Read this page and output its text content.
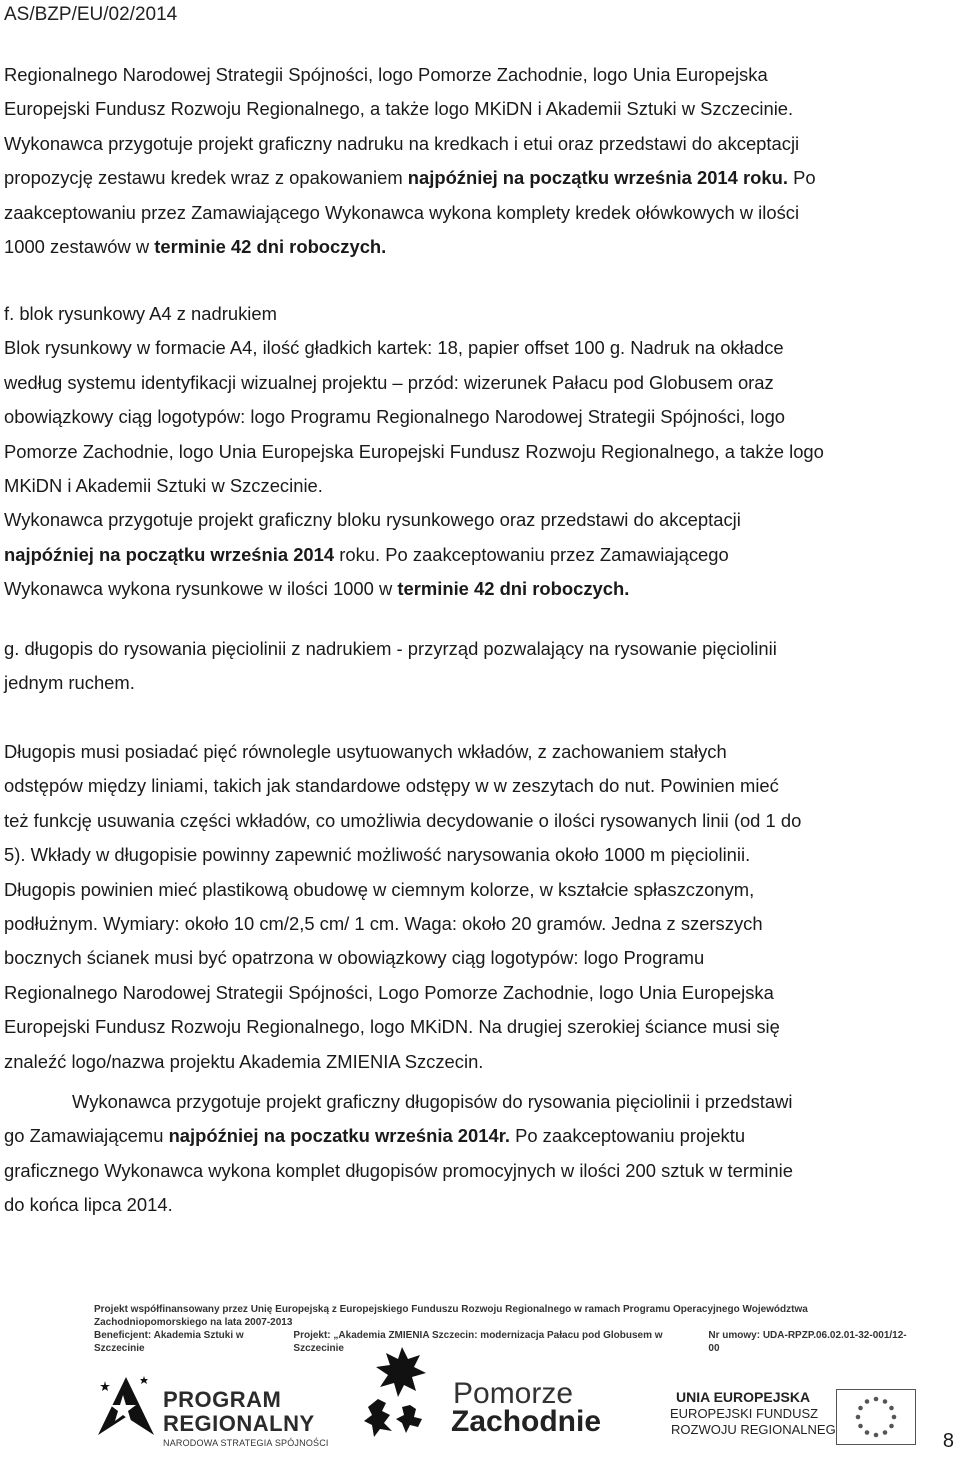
AS/BZP/EU/02/2014
Regionalnego Narodowej Strategii Spójności, logo Pomorze Zachodnie, logo Unia Europejska
Europejski Fundusz Rozwoju Regionalnego, a także logo MKiDN i Akademii Sztuki w Szczecinie.
Wykonawca przygotuje projekt graficzny nadruku na kredkach i etui oraz przedstawi do akceptacji
propozycję zestawu kredek wraz z opakowaniem najpóźniej na początku września 2014 roku. Po
zaakceptowaniu przez Zamawiającego Wykonawca wykona komplety kredek ołówkowych w ilości
1000 zestawów w terminie 42 dni roboczych.
f. blok rysunkowy A4 z nadrukiem
Blok rysunkowy w formacie A4, ilość gładkich kartek: 18, papier offset 100 g. Nadruk na okładce
według systemu identyfikacji wizualnej projektu – przód: wizerunek Pałacu pod Globusem oraz
obowiązkowy ciąg logotypów: logo Programu Regionalnego Narodowej Strategii Spójności, logo
Pomorze Zachodnie, logo Unia Europejska Europejski Fundusz Rozwoju Regionalnego, a także logo
MKiDN i Akademii Sztuki w Szczecinie.
Wykonawca przygotuje projekt graficzny bloku rysunkowego oraz przedstawi do akceptacji
najpóźniej na początku września 2014 roku. Po zaakceptowaniu przez Zamawiającego
Wykonawca wykona rysunkowe w ilości 1000 w terminie 42 dni roboczych.
g. długopis do rysowania pięciolinii z nadrukiem - przyrząd pozwalający na rysowanie pięciolinii
jednym ruchem.
Długopis musi posiadać pięć równolegle usytuowanych wkładów, z zachowaniem stałych
odstępów między liniami, takich jak standardowe odstępy w w zeszytach do nut. Powinien mieć
też funkcję usuwania części wkładów, co umożliwia decydowanie o ilości rysowanych linii (od 1 do
5). Wkłady w długopisie powinny zapewnić możliwość narysowania około 1000 m pięciolinii.
Długopis powinien mieć plastikową obudowę w ciemnym kolorze, w kształcie spłaszczonym,
podłużnym. Wymiary: około 10 cm/2,5 cm/ 1 cm. Waga: około 20 gramów. Jedna z szerszych
bocznych ścianek musi być opatrzona w obowiązkowy ciąg logotypów: logo Programu
Regionalnego Narodowej Strategii Spójności, Logo Pomorze Zachodnie, logo Unia Europejska
Europejski Fundusz Rozwoju Regionalnego, logo MKiDN. Na drugiej szerokiej ściance musi się
znaleźć logo/nazwa projektu Akademia ZMIENIA Szczecin.
Wykonawca przygotuje projekt graficzny długopisów do rysowania pięciolinii i przedstawi
go Zamawiającemu najpóźniej na poczatku września 2014r. Po zaakceptowaniu projektu
graficznego Wykonawca wykona komplet długopisów promocyjnych w ilości 200 sztuk w terminie
do końca lipca 2014.
Projekt współfinansowany przez Unię Europejską z Europejskiego Funduszu Rozwoju Regionalnego w ramach Programu Operacyjnego Województwa Zachodniopomorskiego na lata 2007-2013
Beneficjent: Akademia Sztuki w Szczecinie
Projekt: „Akademia ZMIENIA Szczecin: modernizacja Pałacu pod Globusem w Szczecinie
Nr umowy: UDA-RPZP.06.02.01-32-001/12-00
PROGRAM
REGIONALNY
NARODOWA STRATEGIA SPÓJNOŚCI
Pomorze
Zachodnie
UNIA EUROPEJSKA
EUROPEJSKI FUNDUSZ
ROZWOJU REGIONALNEGO
8
